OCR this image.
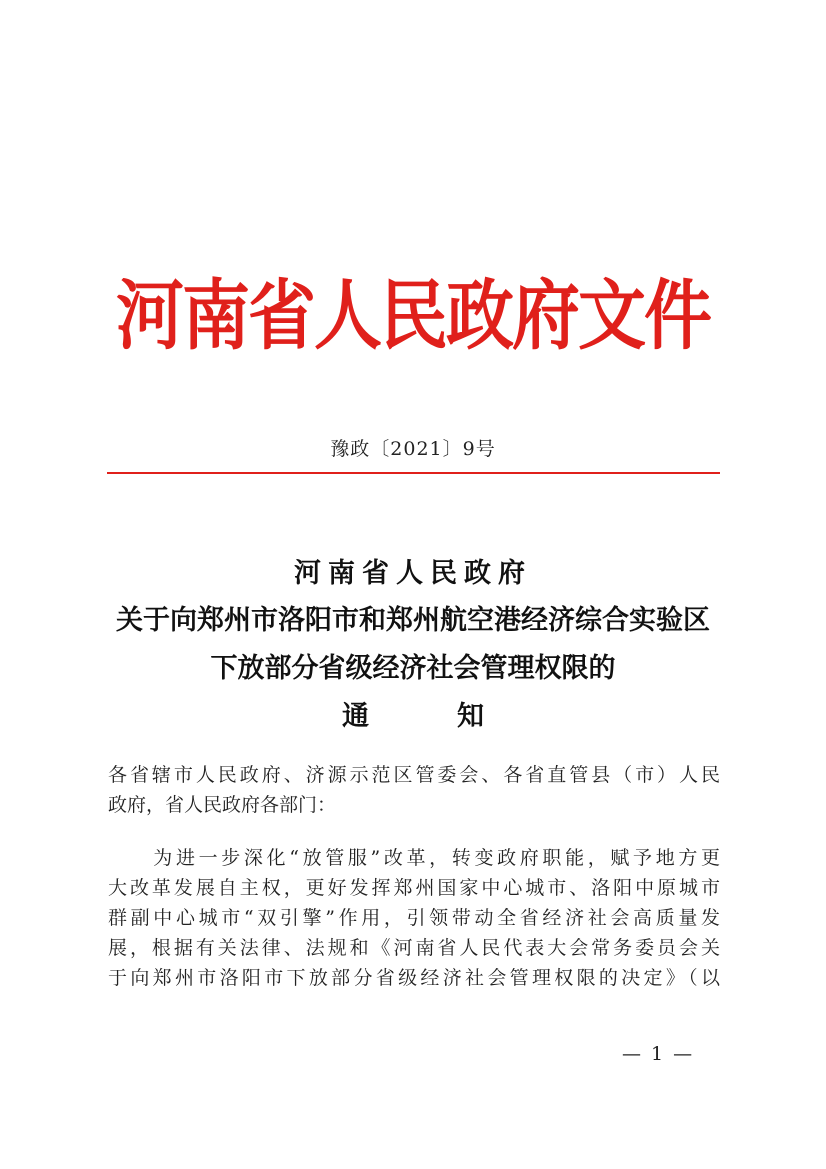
河南省人民政府文件
豫政〔2021〕9号
河南省人民政府
关于向郑州市洛阳市和郑州航空港经济综合实验区
下放部分省级经济社会管理权限的
通	知
各省辖市人民政府、济源示范区管委会、各省直管县（市）人民
政府，省人民政府各部门：
　　为进一步深化“放管服”改革，转变政府职能，赋予地方更
大改革发展自主权，更好发挥郑州国家中心城市、洛阳中原城市
群副中心城市“双引擎”作用，引领带动全省经济社会高质量发
展，根据有关法律、法规和《河南省人民代表大会常务委员会关
于向郑州市洛阳市下放部分省级经济社会管理权限的决定》（以
— 1 —
